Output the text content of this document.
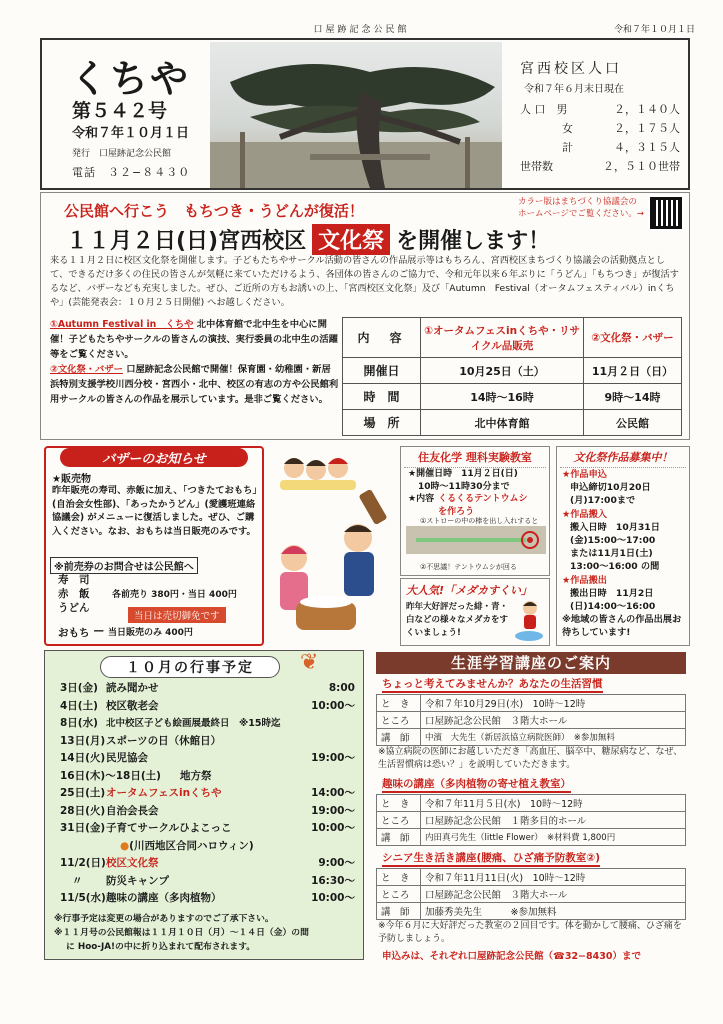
口屋跡記念公民館	令和７年１０月１日
くちや
第５４２号
令和７年１０月１日
発行　口屋跡記念公民館
電話　３２−８４３０
宮西校区人口
令和７年６月末日現在
人 口　男	２，１４０人
女	２，１７５人
計	４，３１５人
世帯数	２，５１０世帯
公民館へ行こう　もちつき・うどんが復活！	カラー版はまちづくり協議会の
ホームページでご覧ください。→
１１月２日(日)宮西校区 文化祭 を開催します！
来る１１月２日に校区文化祭を開催します。子どもたちやサークル活動の皆さんの作品展示等はもちろん、宮西校区まちづくり協議会の活動拠点として、できるだけ多くの住民の皆さんが気軽に来ていただけるよう、各団体の皆さんのご協力で、令和元年以来６年ぶりに「うどん」「もちつき」が復活するなど、バザーなども充実しました。ぜひ、ご近所の方もお誘いの上、「宮西校区文化祭」及び「Autumn　Festival（オータムフェスティバル）inくちや」(芸能発表会：１０月２５日開催) へお越しください。
①Autumn Festival in　くちや 北中体育館で北中生を中心に開催！子どもたちやサークルの皆さんの演技、実行委員の北中生の活躍等をご覧ください。
②文化祭・バザー 口屋跡記念公民館で開催！保育園・幼稚園・新居浜特別支援学校川西分校・宮西小・北中、校区の有志の方や公民館利用サークルの皆さんの作品を展示しています。是非ご覧ください。
内　容	①オータムフェスinくちや・リサイクル品販売	②文化祭・バザー
開催日	10月25日（土）	11月２日（日）
時　間	14時～16時	9時～14時
場　所	北中体育館	公民館
バザーのお知らせ
★販売物
昨年販売の寿司、赤飯に加え、「つきたておもち」(自治会女性部)、「あったかうどん」(愛護班連絡協議会) がメニューに復活しました。ぜひ、ご購入ください。なお、おもちは当日販売のみです。
※前売券のお問合せは公民館へ
寿　司
赤　飯
うどん
各前売り 380円・当日 400円
当日は売切御免です
おもち — 当日販売のみ 400円
住友化学 理科実験教室
★開催日時　11月２日(日)
10時～11時30分まで
★内容 くるくるテントウムシを作ろう
①ストローの中の棒を出し入れすると
②不思議！テントウムシが回る
大人気!「メダカすくい」
昨年大好評だった緋・青・白などの様々なメダカをすくいましょう!
文化祭作品募集中！
★作品申込
申込締切10月20日(月)17:00まで
★作品搬入
搬入日時　10月31日
(金)15:00～17:00
または11月1日(土)
13:00～16:00 の間
★作品搬出
搬出日時　11月2日
(日)14:00～16:00
※地域の皆さんの作品出展お待ちしています!
１０月の行事予定	❦
3日(金) 読み聞かせ	8:00
4日(土) 校区敬老会	10:00～
8日(水) 北中校区子ども絵画展最終日　※15時迄
13日(月)スポーツの日（休館日）
14日(火)民児協会	19:00～
16日(木)～18日(土) 地方祭
25日(土)オータムフェスinくちや	14:00～
28日(火)自治会長会	19:00～
31日(金)子育てサークルひよこっこ	10:00～
●(川西地区合同ハロウィン)
11/2(日)校区文化祭	9:00～
〃 防災キャンプ	16:30～
11/5(水)趣味の講座（多肉植物）	10:00～
※行事予定は変更の場合がありますのでご了承下さい。
※１１月号の公民館報は１１月１０日（月）～１４日（金）の間
に Hoo-JA!の中に折り込まれて配布されます。
生涯学習講座のご案内
ちょっと考えてみませんか？あなたの生活習慣
と　き	令和７年10月29日(水)　10時～12時
ところ	口屋跡記念公民館　３階大ホール
講　師	中濱　大先生（新居浜協立病院医師）　※参加無料
※協立病院の医師にお越しいただき「高血圧、脳卒中、糖尿病など、なぜ、生活習慣病は恐い？」を説明していただきます。
趣味の講座（多肉植物の寄せ植え教室）
と　き	令和７年11月５日(水)　10時～12時
ところ	口屋跡記念公民館　１階多目的ホール
講　師	内田真弓先生（little Flower）　※材料費 1,800円
シニア生き活き講座(腰痛、ひざ痛予防教室②)
と　き	令和７年11月11日(火)　10時～12時
ところ	口屋跡記念公民館　３階大ホール
講　師	加藤秀美先生　　　※参加無料
※今年６月に大好評だった教室の２回目です。体を動かして腰痛、ひざ痛を予防しましょう。
申込みは、それぞれ口屋跡記念公民館（☎32−8430）まで
